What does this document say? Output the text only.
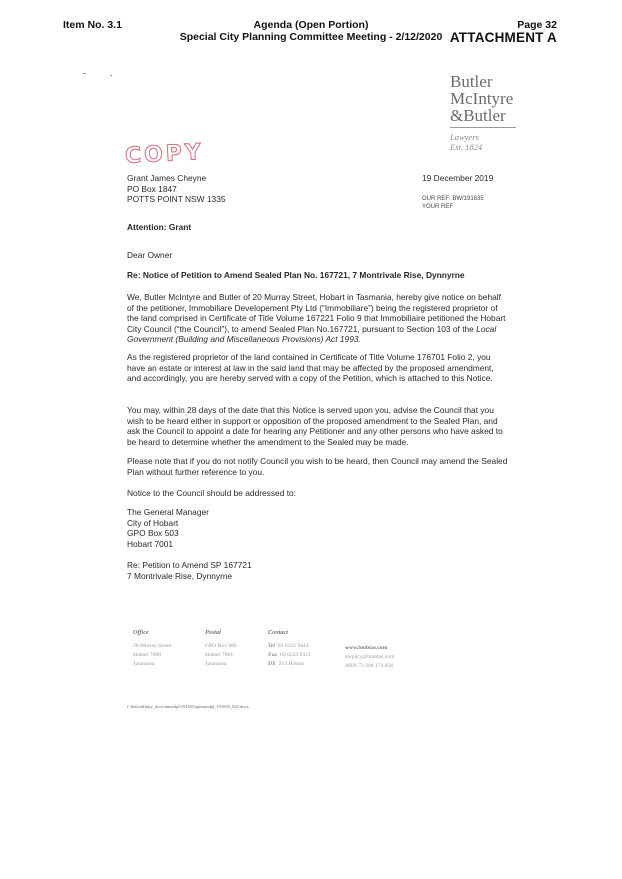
Item No. 3.1	Agenda (Open Portion)
Special City Planning Committee Meeting - 2/12/2020
Page 32
ATTACHMENT A
Butler
McIntyre
&Butler
Lawyers
Est. 1824
COPY
Grant James Cheyne
PO Box 1847
POTTS POINT NSW 1335
19 December 2019
OUR REF: BW/191635
YOUR REF
Attention: Grant
Dear Owner
Re: Notice of Petition to Amend Sealed Plan No. 167721, 7 Montrivale Rise, Dynnyrne
We, Butler McIntyre and Butler of 20 Murray Street, Hobart in Tasmania, hereby give notice on behalf of the petitioner, Immobiliare Developement Pty Ltd (“Immobiliare”) being the registered proprietor of the land comprised in Certificate of Title Volume 167221 Folio 9 that Immobiliaire petitioned the Hobart City Council (“the Council”), to amend Sealed Plan No.167721, pursuant to Section 103 of the Local Government (Building and Miscellaneous Provisions) Act 1993.
As the registered proprietor of the land contained in Certificate of Title Volume 176701 Folio 2, you have an estate or interest at law in the said land that may be affected by the proposed amendment, and accordingly, you are hereby served with a copy of the Petition, which is attached to this Notice.
You may, within 28 days of the date that this Notice is served upon you, advise the Council that you wish to be heard either in support or opposition of the proposed amendment to the Sealed Plan, and ask the Council to appoint a date for hearing any Petitioner and any other persons who have asked to be heard to determine whether the amendment to the Sealed may be made.
Please note that if you do not notify Council you wish to be heard, then Council may amend the Sealed Plan without further reference to you.
Notice to the Council should be addressed to:
The General Manager
City of Hobart
GPO Box 503
Hobart 7001
Re: Petition to Amend SP 167721
7 Montrivale Rise, Dynnyrne
Office
20 Murray Street
Hobart 7000
Tasmania
Postal
GPO Box 980
Hobart 7001
Tasmania
Contact
Tel 03 6222 9444
Fax 03 6223 6321
DX 213 Hobart
www.bmbtas.com
enquiry@bmbtas.com
ABN 73 206 174 856
f:\data\affinity_docs\mmodpl\191635\pimmodpl_191635_045.docx
